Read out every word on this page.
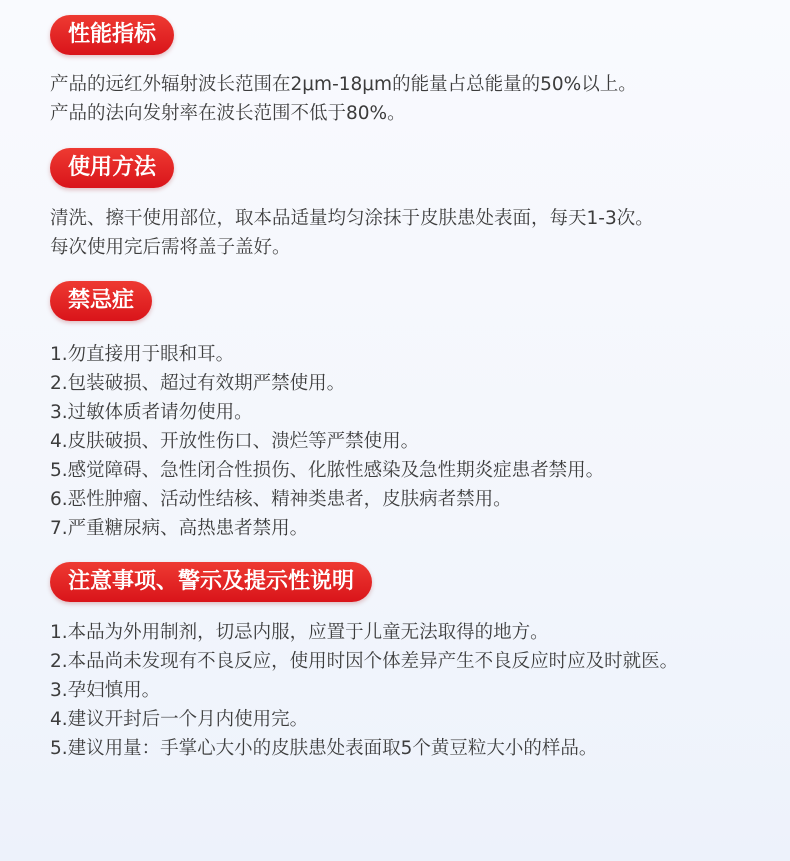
性能指标
产品的远红外辐射波长范围在2μm-18μm的能量占总能量的50%以上。
产品的法向发射率在波长范围不低于80%。
使用方法
清洗、擦干使用部位，取本品适量均匀涂抹于皮肤患处表面，每天1-3次。
每次使用完后需将盖子盖好。
禁忌症
1.勿直接用于眼和耳。
2.包装破损、超过有效期严禁使用。
3.过敏体质者请勿使用。
4.皮肤破损、开放性伤口、溃烂等严禁使用。
5.感觉障碍、急性闭合性损伤、化脓性感染及急性期炎症患者禁用。
6.恶性肿瘤、活动性结核、精神类患者，皮肤病者禁用。
7.严重糖尿病、高热患者禁用。
注意事项、警示及提示性说明
1.本品为外用制剂，切忌内服，应置于儿童无法取得的地方。
2.本品尚未发现有不良反应，使用时因个体差异产生不良反应时应及时就医。
3.孕妇慎用。
4.建议开封后一个月内使用完。
5.建议用量：手掌心大小的皮肤患处表面取5个黄豆粒大小的样品。
